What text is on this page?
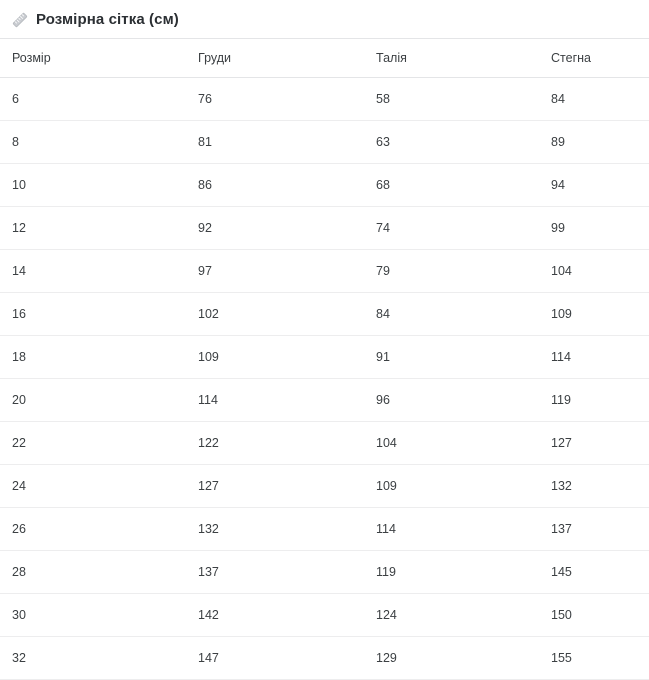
Розмірна сітка (см)
Розмір	Груди	Талія	Стегна
6	76	58	84
8	81	63	89
10	86	68	94
12	92	74	99
14	97	79	104
16	102	84	109
18	109	91	114
20	114	96	119
22	122	104	127
24	127	109	132
26	132	114	137
28	137	119	145
30	142	124	150
32	147	129	155
